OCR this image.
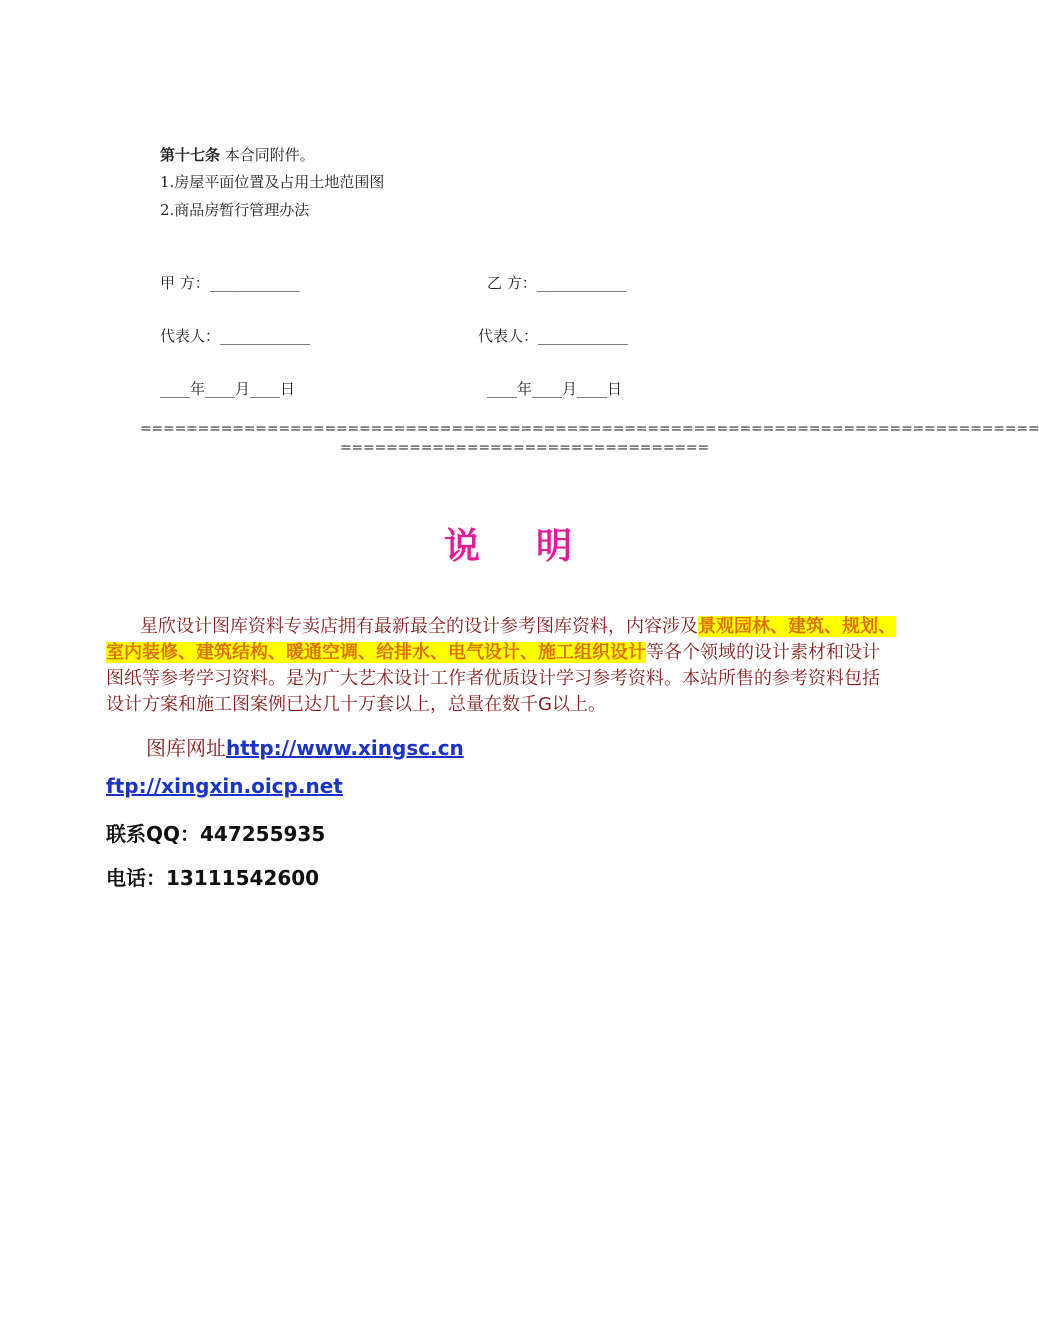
第十七条 本合同附件。
1.房屋平面位置及占用土地范围图
2.商品房暂行管理办法
甲 方：____________	乙 方：____________
代表人：____________	代表人：____________
____年____月____日	____年____月____日
==============================================================================
================================
说明
星欣设计图库资料专卖店拥有最新最全的设计参考图库资料，内容涉及景观园林、建筑、规划、室内装修、建筑结构、暖通空调、给排水、电气设计、施工组织设计等各个领域的设计素材和设计图纸等参考学习资料。是为广大艺术设计工作者优质设计学习参考资料。本站所售的参考资料包括设计方案和施工图案例已达几十万套以上，总量在数千G以上。
图库网址http://www.xingsc.cn
ftp://xingxin.oicp.net
联系QQ：447255935
电话：13111542600
